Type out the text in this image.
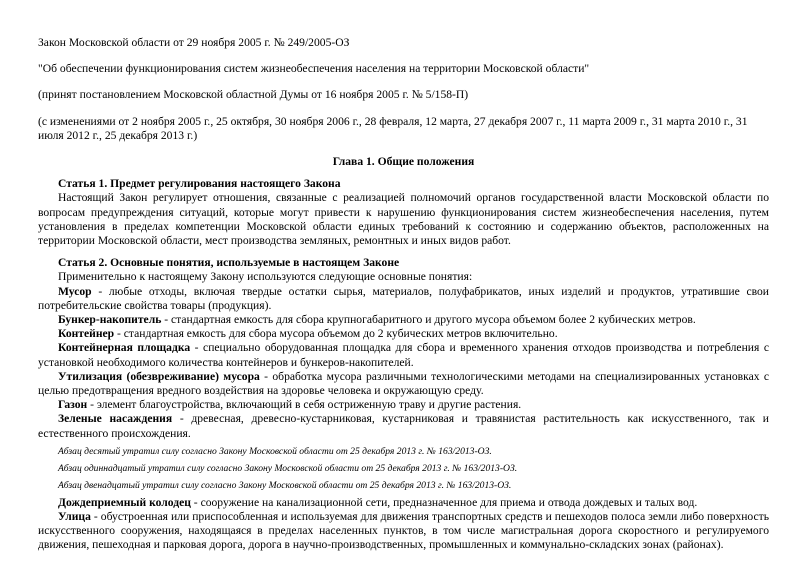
Закон Московской области от 29 ноября 2005 г. № 249/2005-ОЗ
"Об обеспечении функционирования систем жизнеобеспечения населения на территории Московской области"
(принят постановлением Московской областной Думы от 16 ноября 2005 г. № 5/158-П)
(с изменениями от 2 ноября 2005 г., 25 октября, 30 ноября 2006 г., 28 февраля, 12 марта, 27 декабря 2007 г., 11 марта 2009 г., 31 марта 2010 г., 31 июля 2012 г., 25 декабря 2013 г.)
Глава 1. Общие положения
Статья 1. Предмет регулирования настоящего Закона

Настоящий Закон регулирует отношения, связанные с реализацией полномочий органов государственной власти Московской области по вопросам предупреждения ситуаций, которые могут привести к нарушению функционирования систем жизнеобеспечения населения, путем установления в пределах компетенции Московской области единых требований к состоянию и содержанию объектов, расположенных на территории Московской области, мест производства земляных, ремонтных и иных видов работ.

Статья 2. Основные понятия, используемые в настоящем Законе

Применительно к настоящему Закону используются следующие основные понятия:

Мусор - любые отходы, включая твердые остатки сырья, материалов, полуфабрикатов, иных изделий и продуктов, утратившие свои потребительские свойства товары (продукция).

Бункер-накопитель - стандартная емкость для сбора крупногабаритного и другого мусора объемом более 2 кубических метров.

Контейнер - стандартная емкость для сбора мусора объемом до 2 кубических метров включительно.

Контейнерная площадка - специально оборудованная площадка для сбора и временного хранения отходов производства и потребления с установкой необходимого количества контейнеров и бункеров-накопителей.

Утилизация (обезвреживание) мусора - обработка мусора различными технологическими методами на специализированных установках с целью предотвращения вредного воздействия на здоровье человека и окружающую среду.

Газон - элемент благоустройства, включающий в себя остриженную траву и другие растения.

Зеленые насаждения - древесная, древесно-кустарниковая, кустарниковая и травянистая растительность как искусственного, так и естественного происхождения.

Абзац десятый утратил силу согласно Закону Московской области от 25 декабря 2013 г. № 163/2013-ОЗ.

Абзац одиннадцатый утратил силу согласно Закону Московской области от 25 декабря 2013 г. № 163/2013-ОЗ.

Абзац двенадцатый утратил силу согласно Закону Московской области от 25 декабря 2013 г. № 163/2013-ОЗ.

Дождеприемный колодец - сооружение на канализационной сети, предназначенное для приема и отвода дождевых и талых вод.

Улица - обустроенная или приспособленная и используемая для движения транспортных средств и пешеходов полоса земли либо поверхность искусственного сооружения, находящаяся в пределах населенных пунктов, в том числе магистральная дорога скоростного и регулируемого движения, пешеходная и парковая дорога, дорога в научно-производственных, промышленных и коммунально-складских зонах (районах).
